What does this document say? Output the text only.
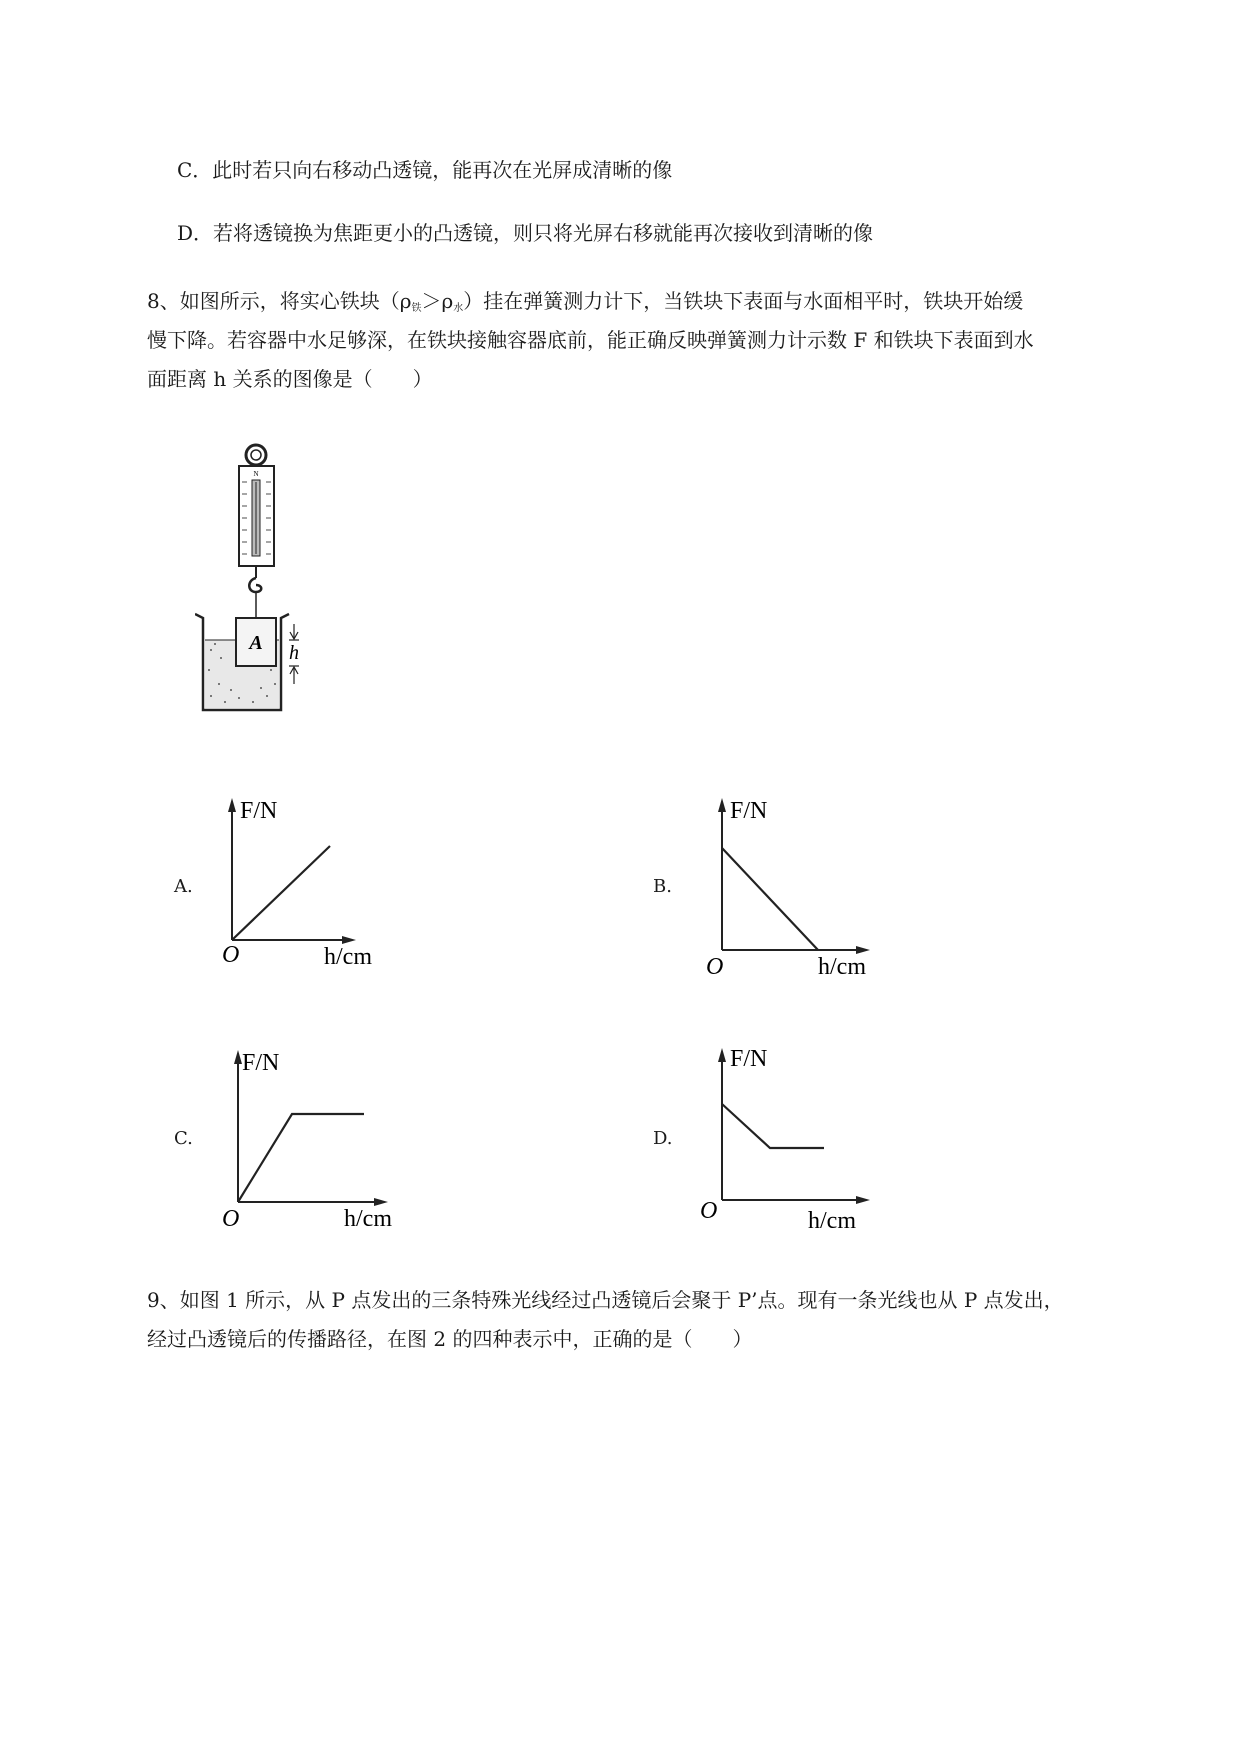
C．此时若只向右移动凸透镜，能再次在光屏成清晰的像
D．若将透镜换为焦距更小的凸透镜，则只将光屏右移就能再次接收到清晰的像
8、如图所示，将实心铁块$(\rho_铁>\rho_水)$挂在弹簧测力计下，当铁块下表面与水面相平时，铁块开始缓
慢下降。若容器中水足够深，在铁块接触容器底前，能正确反映弹簧测力计示数 F 和铁块下表面到水
面距离 h 关系的图像是（　　）
N
A h
A.	B.
C.	D.
F/N
O	h/cm
F/N
O	h/cm
F/N
O	h/cm
F/N
O	h/cm
9、如图 1 所示，从 P 点发出的三条特殊光线经过凸透镜后会聚于 P’点。现有一条光线也从 P 点发出，
经过凸透镜后的传播路径，在图 2 的四种表示中，正确的是（　　）
